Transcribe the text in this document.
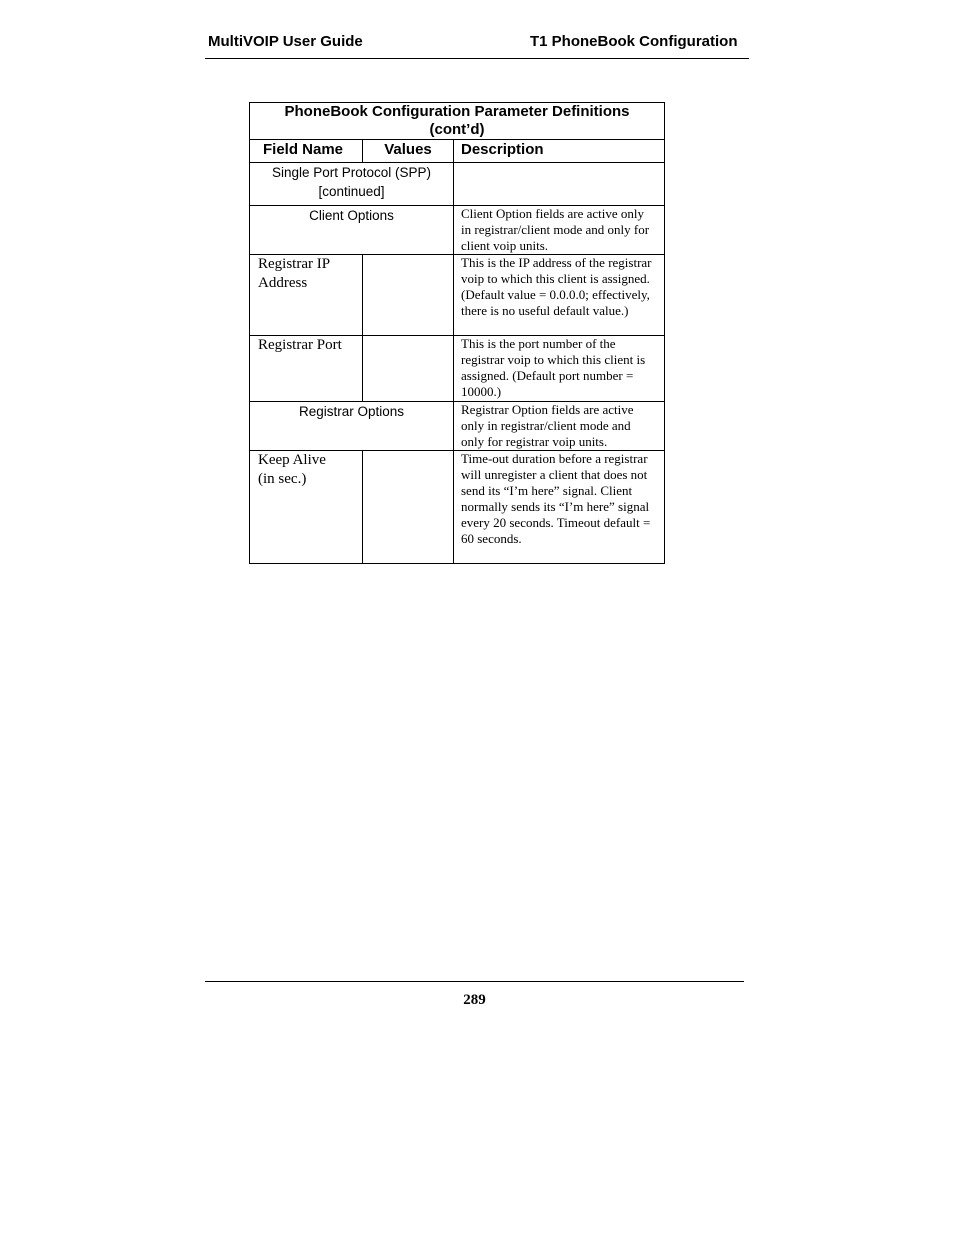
MultiVOIP User Guide	T1 PhoneBook Configuration
PhoneBook Configuration Parameter Definitions
(cont’d)		

Field Name	Values	Description

Single Port Protocol (SPP)
[continued]		

Client Options		Client Option fields are active only in registrar/client mode and only for client voip units.

Registrar IP
Address		This is the IP address of the registrar voip to which this client is assigned. (Default value = 0.0.0.0; effectively, there is no useful default value.)
Registrar Port		This is the port number of the registrar voip to which this client is assigned. (Default port number = 10000.)
Registrar Options		Registrar Option fields are active only in registrar/client mode and only for registrar voip units.

Keep Alive
(in sec.)		Time-out duration before a registrar will unregister a client that does not send its “I’m here” signal. Client normally sends its “I’m here” signal every 20 seconds. Timeout default = 60 seconds.
289
